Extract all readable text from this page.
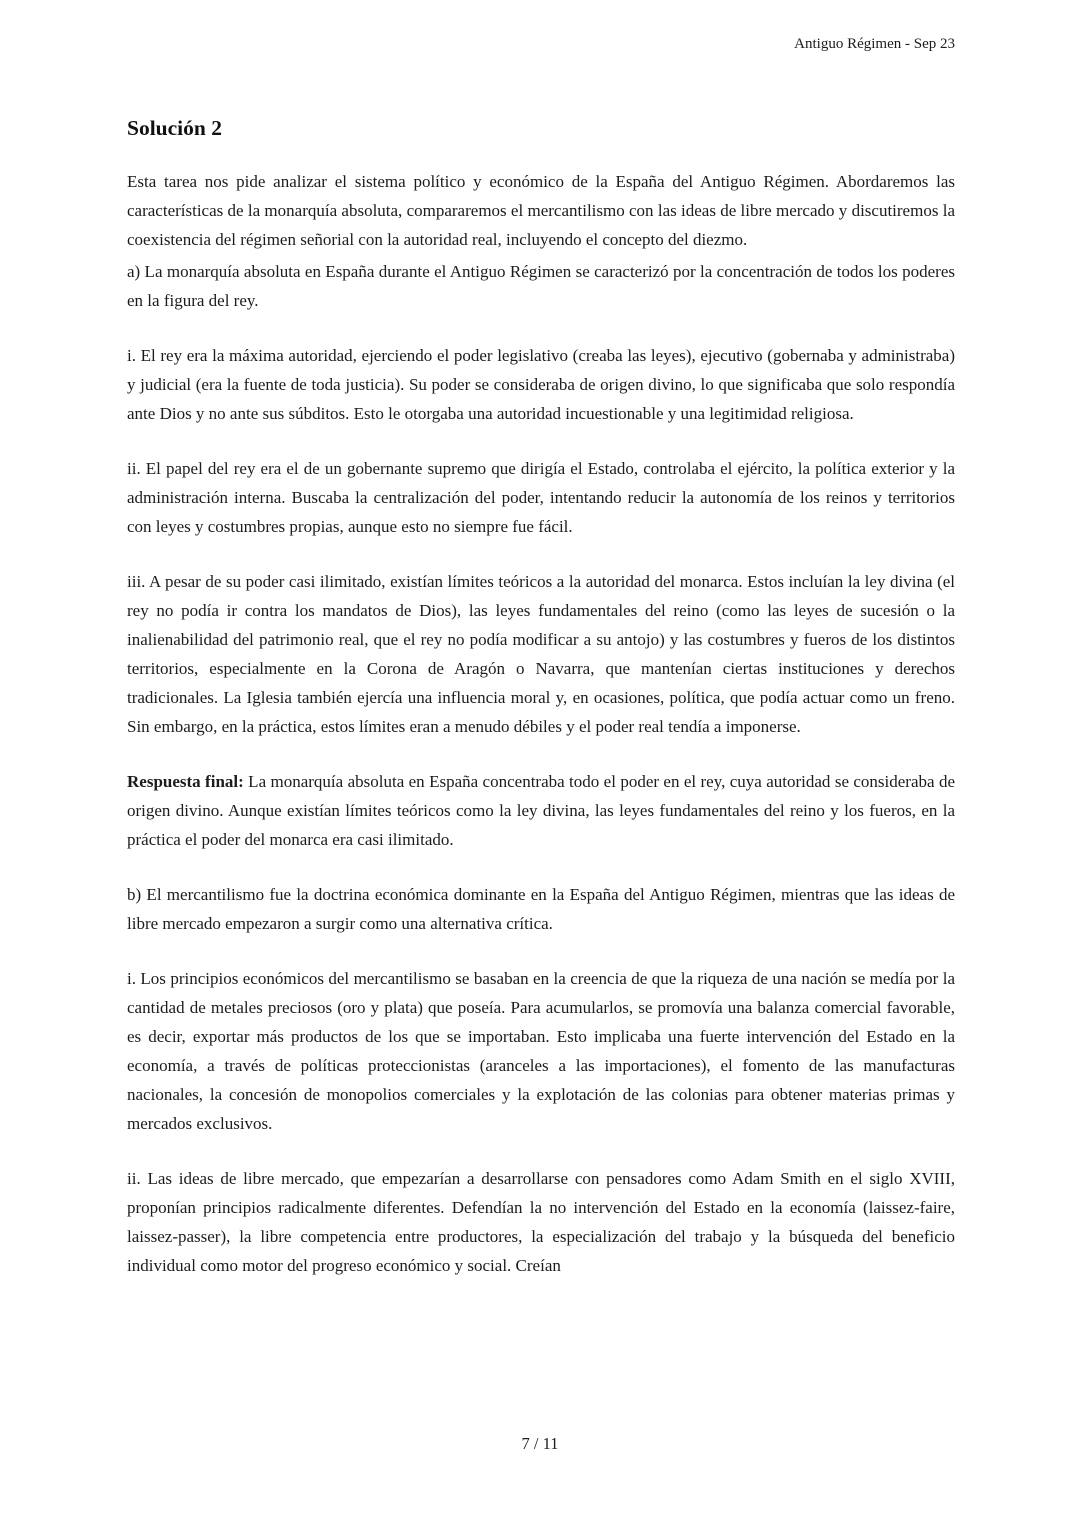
Antiguo Régimen - Sep 23
Solución 2

Esta tarea nos pide analizar el sistema político y económico de la España del Antiguo Régimen. Abordaremos las características de la monarquía absoluta, compararemos el mercantilismo con las ideas de libre mercado y discutiremos la coexistencia del régimen señorial con la autoridad real, incluyendo el concepto del diezmo.

a) La monarquía absoluta en España durante el Antiguo Régimen se caracterizó por la concentración de todos los poderes en la figura del rey.

i. El rey era la máxima autoridad, ejerciendo el poder legislativo (creaba las leyes), ejecutivo (gobernaba y administraba) y judicial (era la fuente de toda justicia). Su poder se consideraba de origen divino, lo que significaba que solo respondía ante Dios y no ante sus súbditos. Esto le otorgaba una autoridad incuestionable y una legitimidad religiosa.

ii. El papel del rey era el de un gobernante supremo que dirigía el Estado, controlaba el ejército, la política exterior y la administración interna. Buscaba la centralización del poder, intentando reducir la autonomía de los reinos y territorios con leyes y costumbres propias, aunque esto no siempre fue fácil.

iii. A pesar de su poder casi ilimitado, existían límites teóricos a la autoridad del monarca. Estos incluían la ley divina (el rey no podía ir contra los mandatos de Dios), las leyes fundamentales del reino (como las leyes de sucesión o la inalienabilidad del patrimonio real, que el rey no podía modificar a su antojo) y las costumbres y fueros de los distintos territorios, especialmente en la Corona de Aragón o Navarra, que mantenían ciertas instituciones y derechos tradicionales. La Iglesia también ejercía una influencia moral y, en ocasiones, política, que podía actuar como un freno. Sin embargo, en la práctica, estos límites eran a menudo débiles y el poder real tendía a imponerse.

Respuesta final: La monarquía absoluta en España concentraba todo el poder en el rey, cuya autoridad se consideraba de origen divino. Aunque existían límites teóricos como la ley divina, las leyes fundamentales del reino y los fueros, en la práctica el poder del monarca era casi ilimitado.

b) El mercantilismo fue la doctrina económica dominante en la España del Antiguo Régimen, mientras que las ideas de libre mercado empezaron a surgir como una alternativa crítica.

i. Los principios económicos del mercantilismo se basaban en la creencia de que la riqueza de una nación se medía por la cantidad de metales preciosos (oro y plata) que poseía. Para acumularlos, se promovía una balanza comercial favorable, es decir, exportar más productos de los que se importaban. Esto implicaba una fuerte intervención del Estado en la economía, a través de políticas proteccionistas (aranceles a las importaciones), el fomento de las manufacturas nacionales, la concesión de monopolios comerciales y la explotación de las colonias para obtener materias primas y mercados exclusivos.

ii. Las ideas de libre mercado, que empezarían a desarrollarse con pensadores como Adam Smith en el siglo XVIII, proponían principios radicalmente diferentes. Defendían la no intervención del Estado en la economía (laissez-faire, laissez-passer), la libre competencia entre productores, la especialización del trabajo y la búsqueda del beneficio individual como motor del progreso económico y social. Creían

7 / 11
